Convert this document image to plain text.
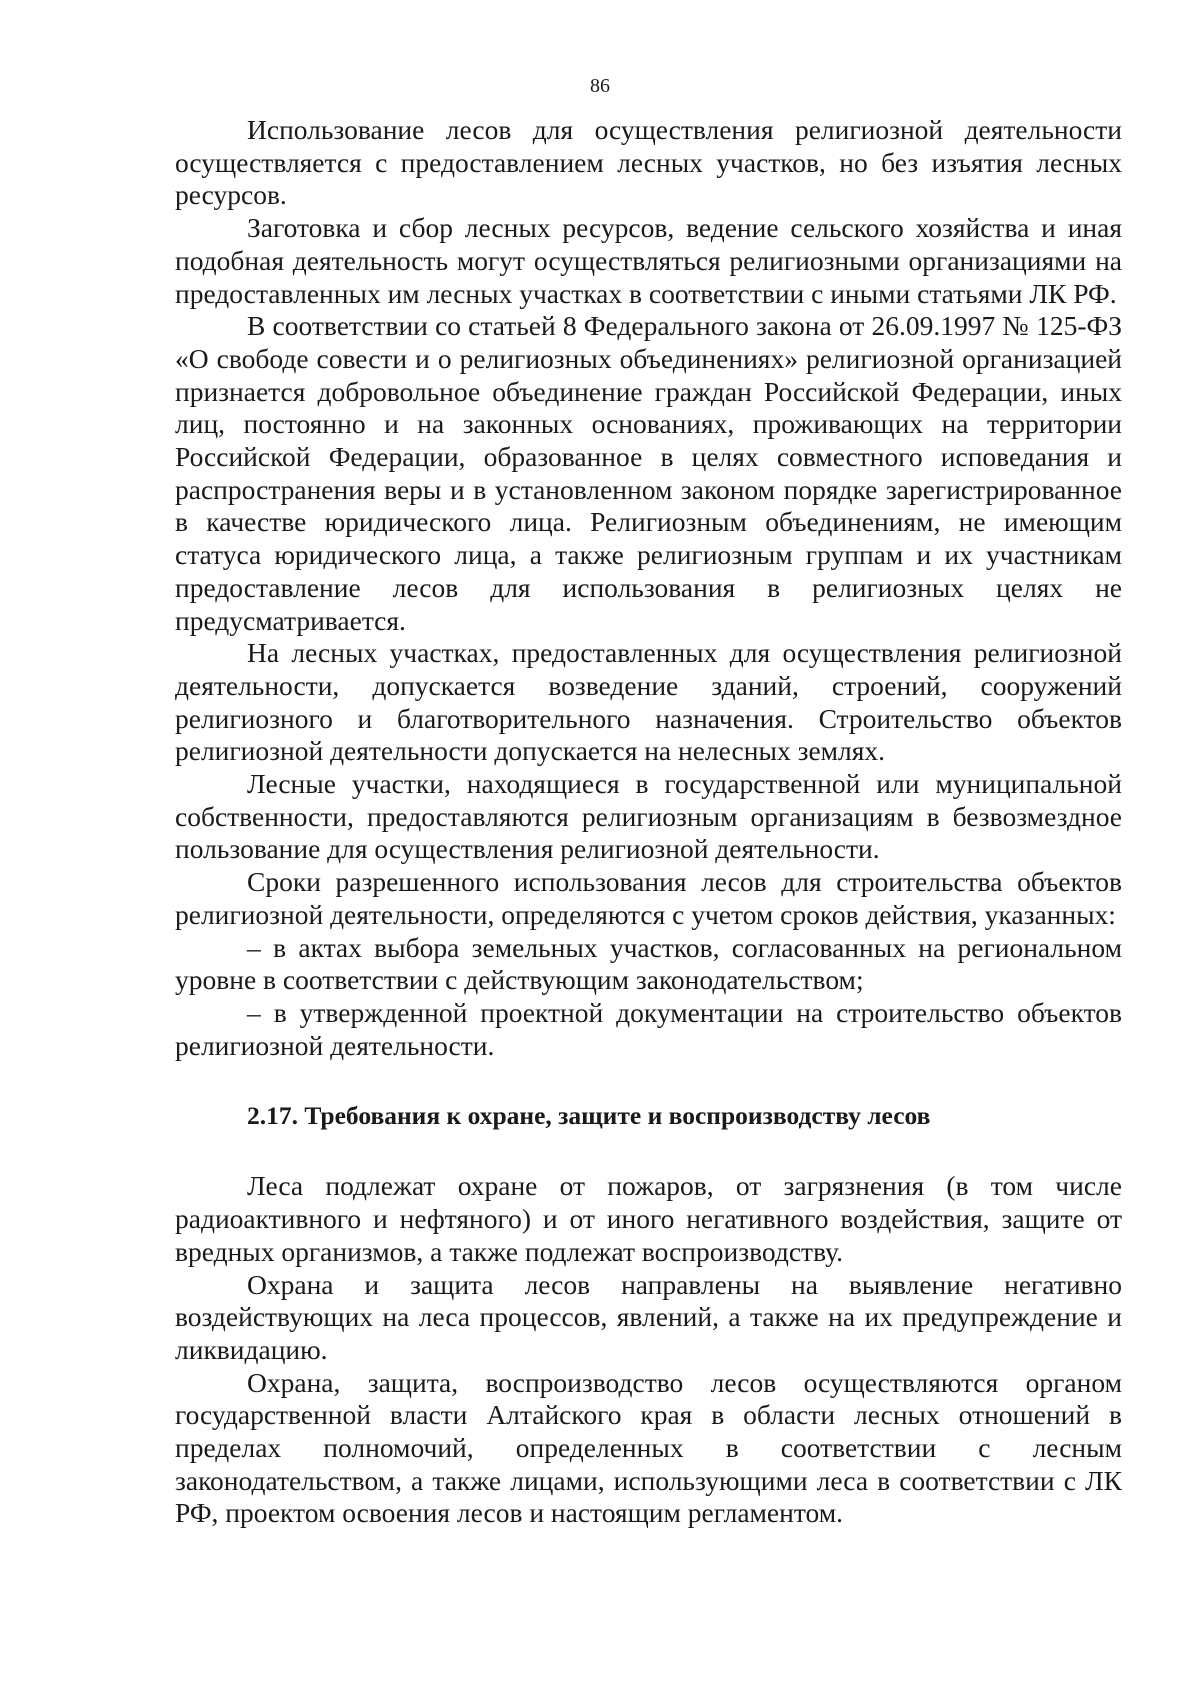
86

Использование лесов для осуществления религиозной деятельности осуществляется с предоставлением лесных участков, но без изъятия лесных ресурсов.

Заготовка и сбор лесных ресурсов, ведение сельского хозяйства и иная подобная деятельность могут осуществляться религиозными организациями на предоставленных им лесных участках в соответствии с иными статьями ЛК РФ.

В соответствии со статьей 8 Федерального закона от 26.09.1997 № 125-ФЗ «О свободе совести и о религиозных объединениях» религиозной организацией признается добровольное объединение граждан Российской Федерации, иных лиц, постоянно и на законных основаниях, проживающих на территории Российской Федерации, образованное в целях совместного исповедания и распространения веры и в установленном законом порядке зарегистрированное в качестве юридического лица. Религиозным объединениям, не имеющим статуса юридического лица, а также религиозным группам и их участникам предоставление лесов для использования в религиозных целях не предусматривается.

На лесных участках, предоставленных для осуществления религиозной деятельности, допускается возведение зданий, строений, сооружений религиозного и благотворительного назначения. Строительство объектов религиозной деятельности допускается на нелесных землях.

Лесные участки, находящиеся в государственной или муниципальной собственности, предоставляются религиозным организациям в безвозмездное пользование для осуществления религиозной деятельности.

Сроки разрешенного использования лесов для строительства объектов религиозной деятельности, определяются с учетом сроков действия, указанных:

– в актах выбора земельных участков, согласованных на региональном уровне в соответствии с действующим законодательством;

– в утвержденной проектной документации на строительство объектов религиозной деятельности.

2.17. Требования к охране, защите и воспроизводству лесов

Леса подлежат охране от пожаров, от загрязнения (в том числе радиоактивного и нефтяного) и от иного негативного воздействия, защите от вредных организмов, а также подлежат воспроизводству.

Охрана и защита лесов направлены на выявление негативно воздействующих на леса процессов, явлений, а также на их предупреждение и ликвидацию.

Охрана, защита, воспроизводство лесов осуществляются органом государственной власти Алтайского края в области лесных отношений в пределах полномочий, определенных в соответствии с лесным законодательством, а также лицами, использующими леса в соответствии с ЛК РФ, проектом освоения лесов и настоящим регламентом.
